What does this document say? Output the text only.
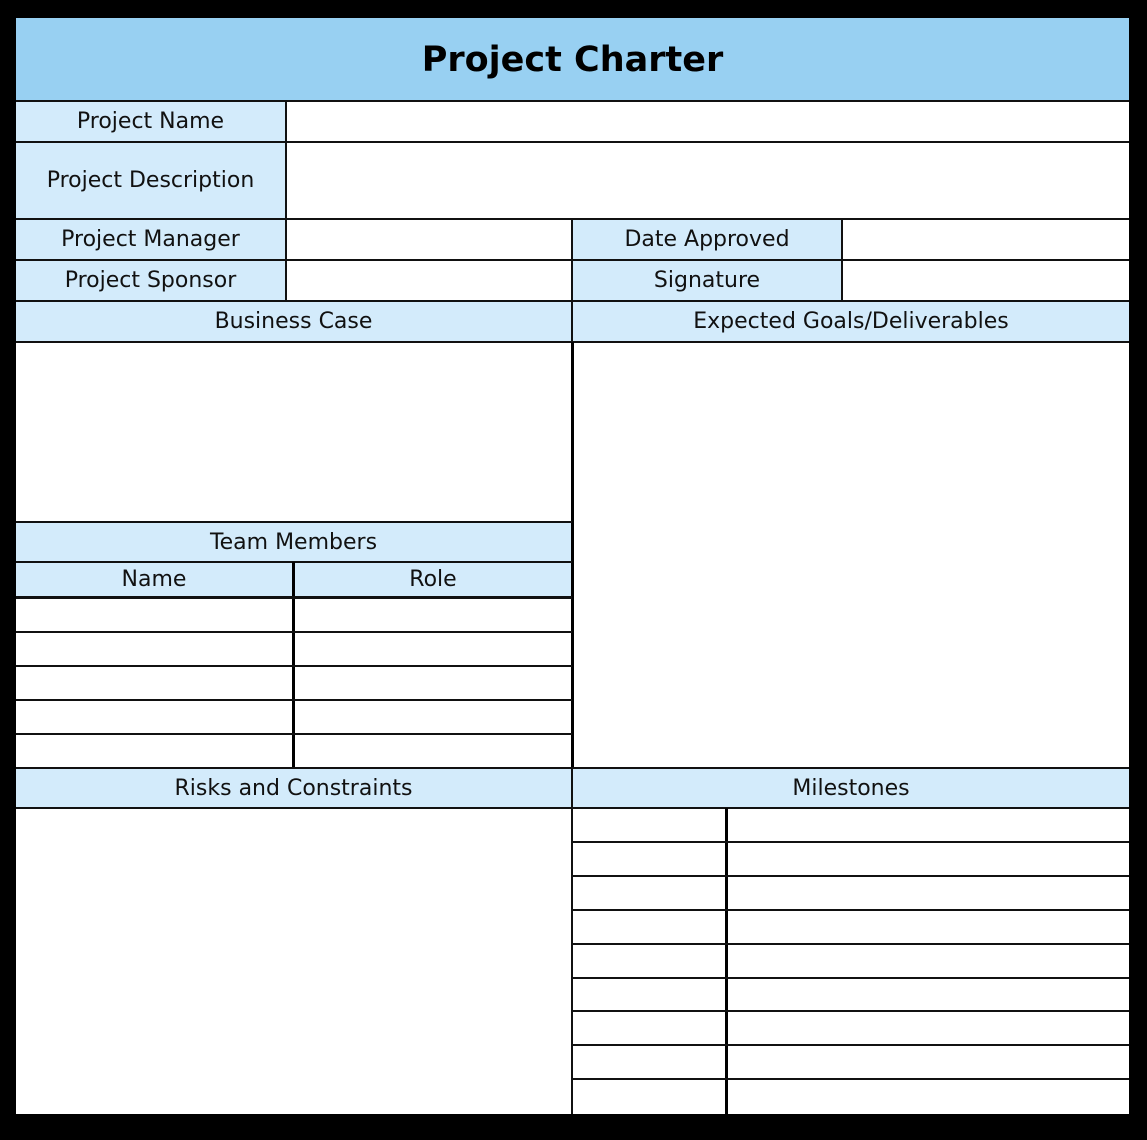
Project Charter
Project Name
Project Description
Project Manager	Date Approved
Project Sponsor	Signature
Business Case	Expected Goals/Deliverables
Team Members
Name	Role
Risks and Constraints	Milestones
